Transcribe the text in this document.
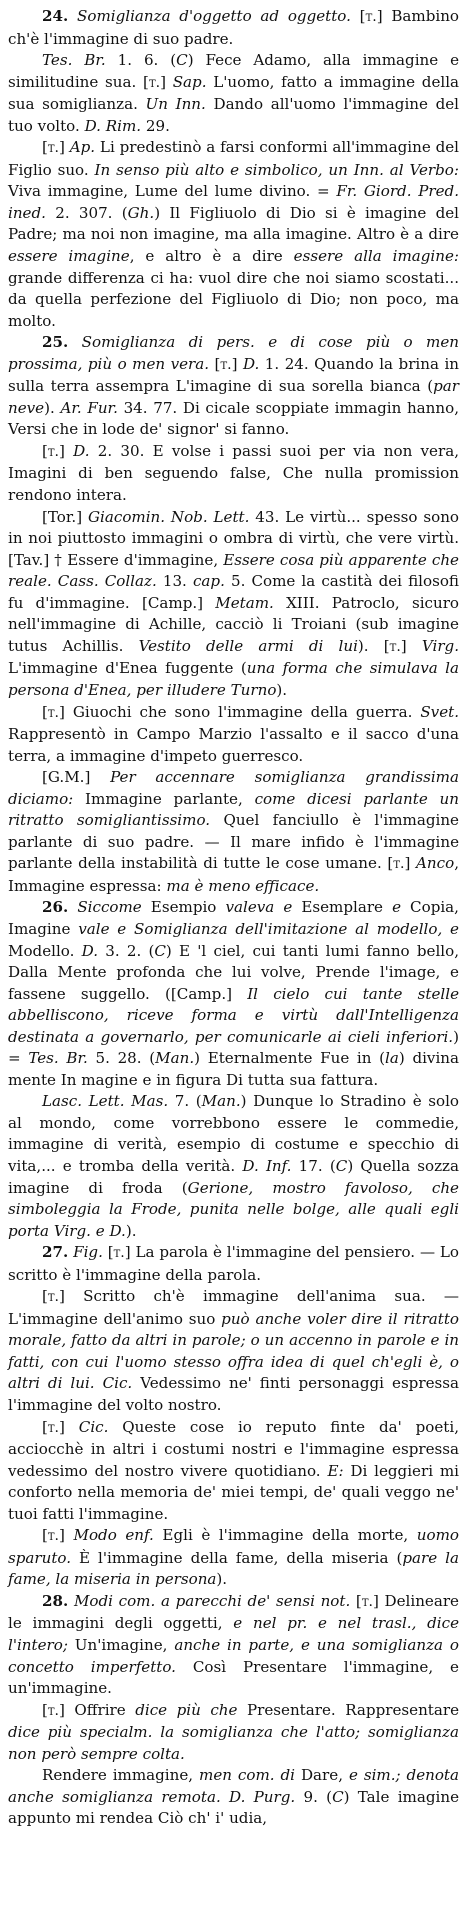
24. Somiglianza d'oggetto ad oggetto. [t.] Bambino ch'è l'immagine di suo padre.

Tes. Br. 1. 6. (C) Fece Adamo, alla immagine e similitudine sua. [t.] Sap. L'uomo, fatto a immagine della sua somiglianza. Un Inn. Dando all'uomo l'immagine del tuo volto. D. Rim. 29.

[t.] Ap. Li predestinò a farsi conformi all'immagine del Figlio suo. In senso più alto e simbolico, un Inn. al Verbo: Viva immagine, Lume del lume divino. = Fr. Giord. Pred. ined. 2. 307. (Gh.) Il Figliuolo di Dio si è imagine del Padre; ma noi non imagine, ma alla imagine. Altro è a dire essere imagine, e altro è a dire essere alla imagine: grande differenza ci ha: vuol dire che noi siamo scostati... da quella perfezione del Figliuolo di Dio; non poco, ma molto.

25. Somiglianza di pers. e di cose più o men prossima, più o men vera. [t.] D. 1. 24. Quando la brina in sulla terra assempra L'imagine di sua sorella bianca (par neve). Ar. Fur. 34. 77. Di cicale scoppiate immagin hanno, Versi che in lode de' signor' si fanno.

[t.] D. 2. 30. E volse i passi suoi per via non vera, Imagini di ben seguendo false, Che nulla promission rendono intera.

[Tor.] Giacomin. Nob. Lett. 43. Le virtù... spesso sono in noi piuttosto immagini o ombra di virtù, che vere virtù. [Tav.] † Essere d'immagine, Essere cosa più apparente che reale. Cass. Collaz. 13. cap. 5. Come la castità dei filosofi fu d'immagine. [Camp.] Metam. XIII. Patroclo, sicuro nell'immagine di Achille, cacciò li Troiani (sub imagine tutus Achillis. Vestito delle armi di lui). [t.] Virg. L'immagine d'Enea fuggente (una forma che simulava la persona d'Enea, per illudere Turno).

[t.] Giuochi che sono l'immagine della guerra. Svet. Rappresentò in Campo Marzio l'assalto e il sacco d'una terra, a immagine d'impeto guerresco.

[G.M.] Per accennare somiglianza grandissima diciamo: Immagine parlante, come dicesi parlante un ritratto somigliantissimo. Quel fanciullo è l'immagine parlante di suo padre. — Il mare infido è l'immagine parlante della instabilità di tutte le cose umane. [t.] Anco, Immagine espressa: ma è meno efficace.

26. Siccome Esempio valeva e Esemplare e Copia, Imagine vale e Somiglianza dell'imitazione al modello, e Modello. D. 3. 2. (C) E 'l ciel, cui tanti lumi fanno bello, Dalla Mente profonda che lui volve, Prende l'image, e fassene suggello. ([Camp.] Il cielo cui tante stelle abbelliscono, riceve forma e virtù dall'Intelligenza destinata a governarlo, per comunicarle ai cieli inferiori.) = Tes. Br. 5. 28. (Man.) Eternalmente Fue in (la) divina mente In magine e in figura Di tutta sua fattura.

Lasc. Lett. Mas. 7. (Man.) Dunque lo Stradino è solo al mondo, come vorrebbono essere le commedie, immagine di verità, esempio di costume e specchio di vita,... e tromba della verità. D. Inf. 17. (C) Quella sozza imagine di froda (Gerione, mostro favoloso, che simboleggia la Frode, punita nelle bolge, alle quali egli porta Virg. e D.).

27. Fig. [t.] La parola è l'immagine del pensiero. — Lo scritto è l'immagine della parola.

[t.] Scritto ch'è immagine dell'anima sua. — L'immagine dell'animo suo può anche voler dire il ritratto morale, fatto da altri in parole; o un accenno in parole e in fatti, con cui l'uomo stesso offra idea di quel ch'egli è, o altri di lui. Cic. Vedessimo ne' finti personaggi espressa l'immagine del volto nostro.

[t.] Cic. Queste cose io reputo finte da' poeti, acciocchè in altri i costumi nostri e l'immagine espressa vedessimo del nostro vivere quotidiano. E: Di leggieri mi conforto nella memoria de' miei tempi, de' quali veggo ne' tuoi fatti l'immagine.

[t.] Modo enf. Egli è l'immagine della morte, uomo sparuto. È l'immagine della fame, della miseria (pare la fame, la miseria in persona).

28. Modi com. a parecchi de' sensi not. [t.] Delineare le immagini degli oggetti, e nel pr. e nel trasl., dice l'intero; Un'imagine, anche in parte, e una somiglianza o concetto imperfetto. Così Presentare l'immagine, e un'immagine.

[t.] Offrire dice più che Presentare. Rappresentare dice più specialm. la somiglianza che l'atto; somiglianza non però sempre colta.

Rendere immagine, men com. di Dare, e sim.; denota anche somiglianza remota. D. Purg. 9. (C) Tale imagine appunto mi rendea Ciò ch' i' udia,
